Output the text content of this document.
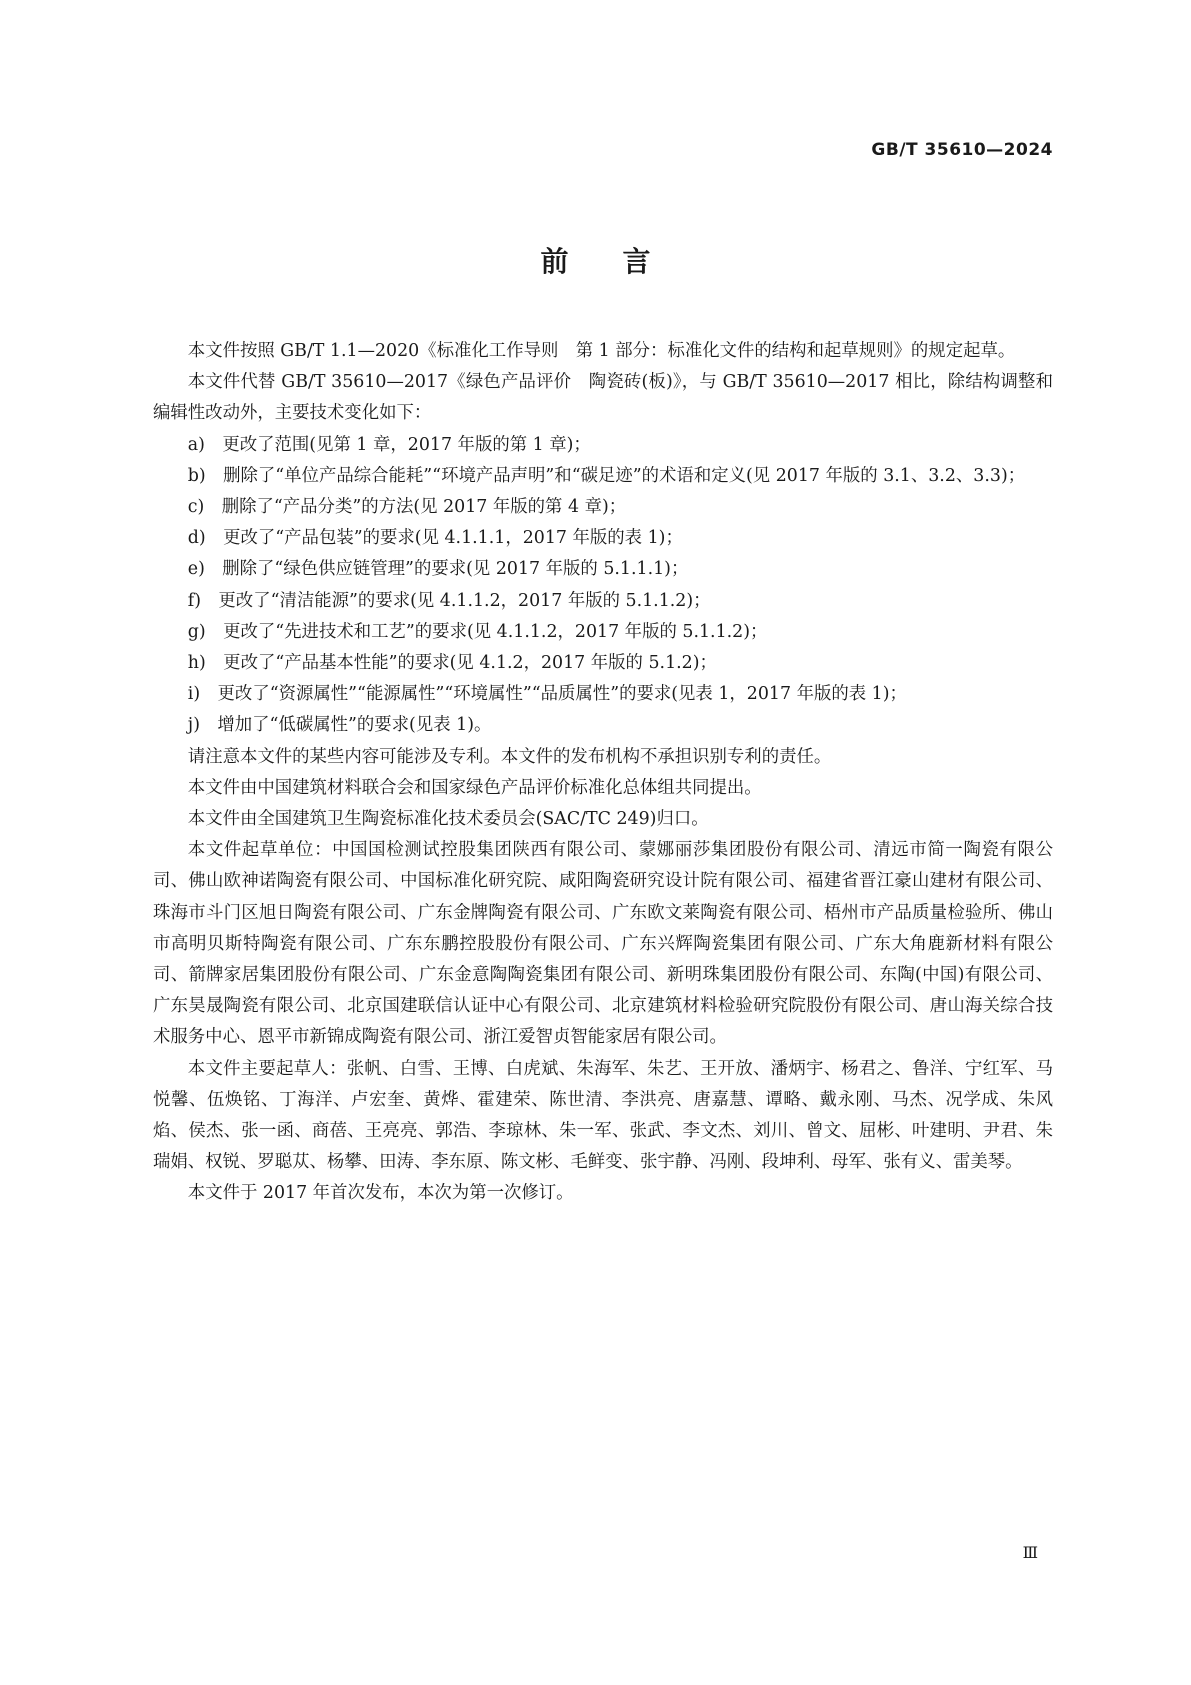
GB/T 35610—2024
前言

本文件按照 GB/T 1.1—2020《标准化工作导则　第 1 部分：标准化文件的结构和起草规则》的规定起草。

本文件代替 GB/T 35610—2017《绿色产品评价　陶瓷砖(板)》，与 GB/T 35610—2017 相比，除结构调整和编辑性改动外，主要技术变化如下：

a)　更改了范围(见第 1 章，2017 年版的第 1 章)；

b)　删除了“单位产品综合能耗”“环境产品声明”和“碳足迹”的术语和定义(见 2017 年版的 3.1、3.2、3.3)；

c)　删除了“产品分类”的方法(见 2017 年版的第 4 章)；

d)　更改了“产品包装”的要求(见 4.1.1.1，2017 年版的表 1)；

e)　删除了“绿色供应链管理”的要求(见 2017 年版的 5.1.1.1)；

f)　更改了“清洁能源”的要求(见 4.1.1.2，2017 年版的 5.1.1.2)；

g)　更改了“先进技术和工艺”的要求(见 4.1.1.2，2017 年版的 5.1.1.2)；

h)　更改了“产品基本性能”的要求(见 4.1.2，2017 年版的 5.1.2)；

i)　更改了“资源属性”“能源属性”“环境属性”“品质属性”的要求(见表 1，2017 年版的表 1)；

j)　增加了“低碳属性”的要求(见表 1)。

请注意本文件的某些内容可能涉及专利。本文件的发布机构不承担识别专利的责任。

本文件由中国建筑材料联合会和国家绿色产品评价标准化总体组共同提出。

本文件由全国建筑卫生陶瓷标准化技术委员会(SAC/TC 249)归口。

本文件起草单位：中国国检测试控股集团陕西有限公司、蒙娜丽莎集团股份有限公司、清远市简一陶瓷有限公司、佛山欧神诺陶瓷有限公司、中国标准化研究院、咸阳陶瓷研究设计院有限公司、福建省晋江豪山建材有限公司、珠海市斗门区旭日陶瓷有限公司、广东金牌陶瓷有限公司、广东欧文莱陶瓷有限公司、梧州市产品质量检验所、佛山市高明贝斯特陶瓷有限公司、广东东鹏控股股份有限公司、广东兴辉陶瓷集团有限公司、广东大角鹿新材料有限公司、箭牌家居集团股份有限公司、广东金意陶陶瓷集团有限公司、新明珠集团股份有限公司、东陶(中国)有限公司、广东昊晟陶瓷有限公司、北京国建联信认证中心有限公司、北京建筑材料检验研究院股份有限公司、唐山海关综合技术服务中心、恩平市新锦成陶瓷有限公司、浙江爱智贞智能家居有限公司。

本文件主要起草人：张帆、白雪、王博、白虎斌、朱海军、朱艺、王开放、潘炳宇、杨君之、鲁洋、宁红军、马悦馨、伍焕铭、丁海洋、卢宏奎、黄烨、霍建荣、陈世清、李洪亮、唐嘉慧、谭略、戴永刚、马杰、况学成、朱风焰、侯杰、张一函、商蓓、王亮亮、郭浩、李琼林、朱一军、张武、李文杰、刘川、曾文、屈彬、叶建明、尹君、朱瑞娟、权锐、罗聪苁、杨攀、田涛、李东原、陈文彬、毛鲜变、张宇静、冯刚、段坤利、母军、张有义、雷美琴。

本文件于 2017 年首次发布，本次为第一次修订。

Ⅲ
